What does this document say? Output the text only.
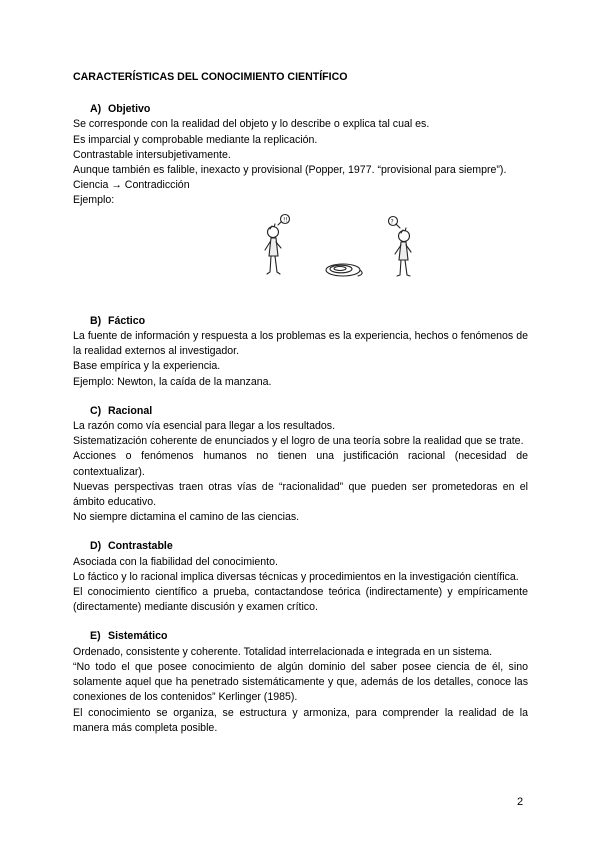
CARACTERÍSTICAS DEL CONOCIMIENTO CIENTÍFICO

A) Objetivo

Se corresponde con la realidad del objeto y lo describe o explica tal cual es.

Es imparcial y comprobable mediante la replicación.

Contrastable intersubjetivamente.

Aunque también es falible, inexacto y provisional (Popper, 1977. “provisional para siempre”).

Ciencia → Contradicción

Ejemplo:

!!	?

B) Fáctico

La fuente de información y respuesta a los problemas es la experiencia, hechos o fenómenos de la realidad externos al investigador.

Base empírica y la experiencia.

Ejemplo: Newton, la caída de la manzana.

C) Racional

La razón como vía esencial para llegar a los resultados.

Sistematización coherente de enunciados y el logro de una teoría sobre la realidad que se trate.

Acciones o fenómenos humanos no tienen una justificación racional (necesidad de contextualizar).

Nuevas perspectivas traen otras vías de “racionalidad” que pueden ser prometedoras en el ámbito educativo.

No siempre dictamina el camino de las ciencias.

D) Contrastable

Asociada con la fiabilidad del conocimiento.

Lo fáctico y lo racional implica diversas técnicas y procedimientos en la investigación científica.

El conocimiento científico a prueba, contactandose teórica (indirectamente) y empíricamente (directamente) mediante discusión y examen crítico.

E) Sistemático

Ordenado, consistente y coherente. Totalidad interrelacionada e integrada en un sistema.

“No todo el que posee conocimiento de algún dominio del saber posee ciencia de él, sino solamente aquel que ha penetrado sistemáticamente y que, además de los detalles, conoce las conexiones de los contenidos” Kerlinger (1985).

El conocimiento se organiza, se estructura y armoniza, para comprender la realidad de la manera más completa posible.

2
